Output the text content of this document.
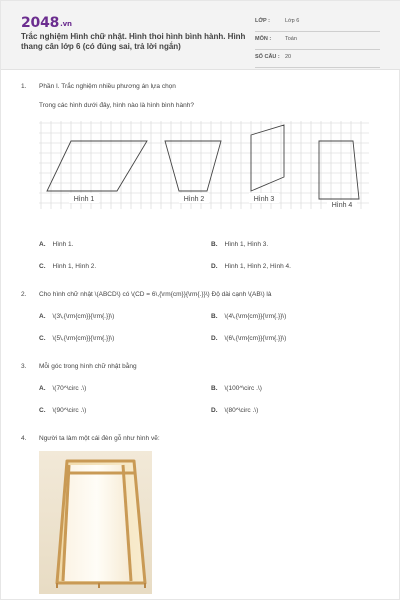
2048.vn
Trắc nghiệm Hình chữ nhật. Hình thoi hình bình hành. Hình thang cân lớp 6 (có đúng sai, trả lời ngắn)
LỚP :	Lớp 6
MÔN :	Toán
SỐ CÂU : 20
1.	Phần I. Trắc nghiệm nhiều phương án lựa chọn
Trong các hình dưới đây, hình nào là hình bình hành?
Hình 1	Hình 2	Hình 3
Hình 4
A. Hình 1.	B. Hình 1, Hình 3.
C. Hình 1, Hình 2.	D. Hình 1, Hình 2, Hình 4.
2.	Cho hình chữ nhật \(ABCD\) có \(CD = 6\,{\rm{cm}}{\rm{.}}\) Độ dài cạnh \(AB\) là
A. \(3\,{\rm{cm}}{\rm{.}}\)	B. \(4\,{\rm{cm}}{\rm{.}}\)
C. \(5\,{\rm{cm}}{\rm{.}}\)	D. \(6\,{\rm{cm}}{\rm{.}}\)
3.	Mỗi góc trong hình chữ nhật bằng
A. \(70^\circ .\)	B. \(100^\circ .\)
C. \(90^\circ .\)	D. \(80^\circ .\)
4.	Người ta làm một cái đèn gỗ như hình vẽ:
